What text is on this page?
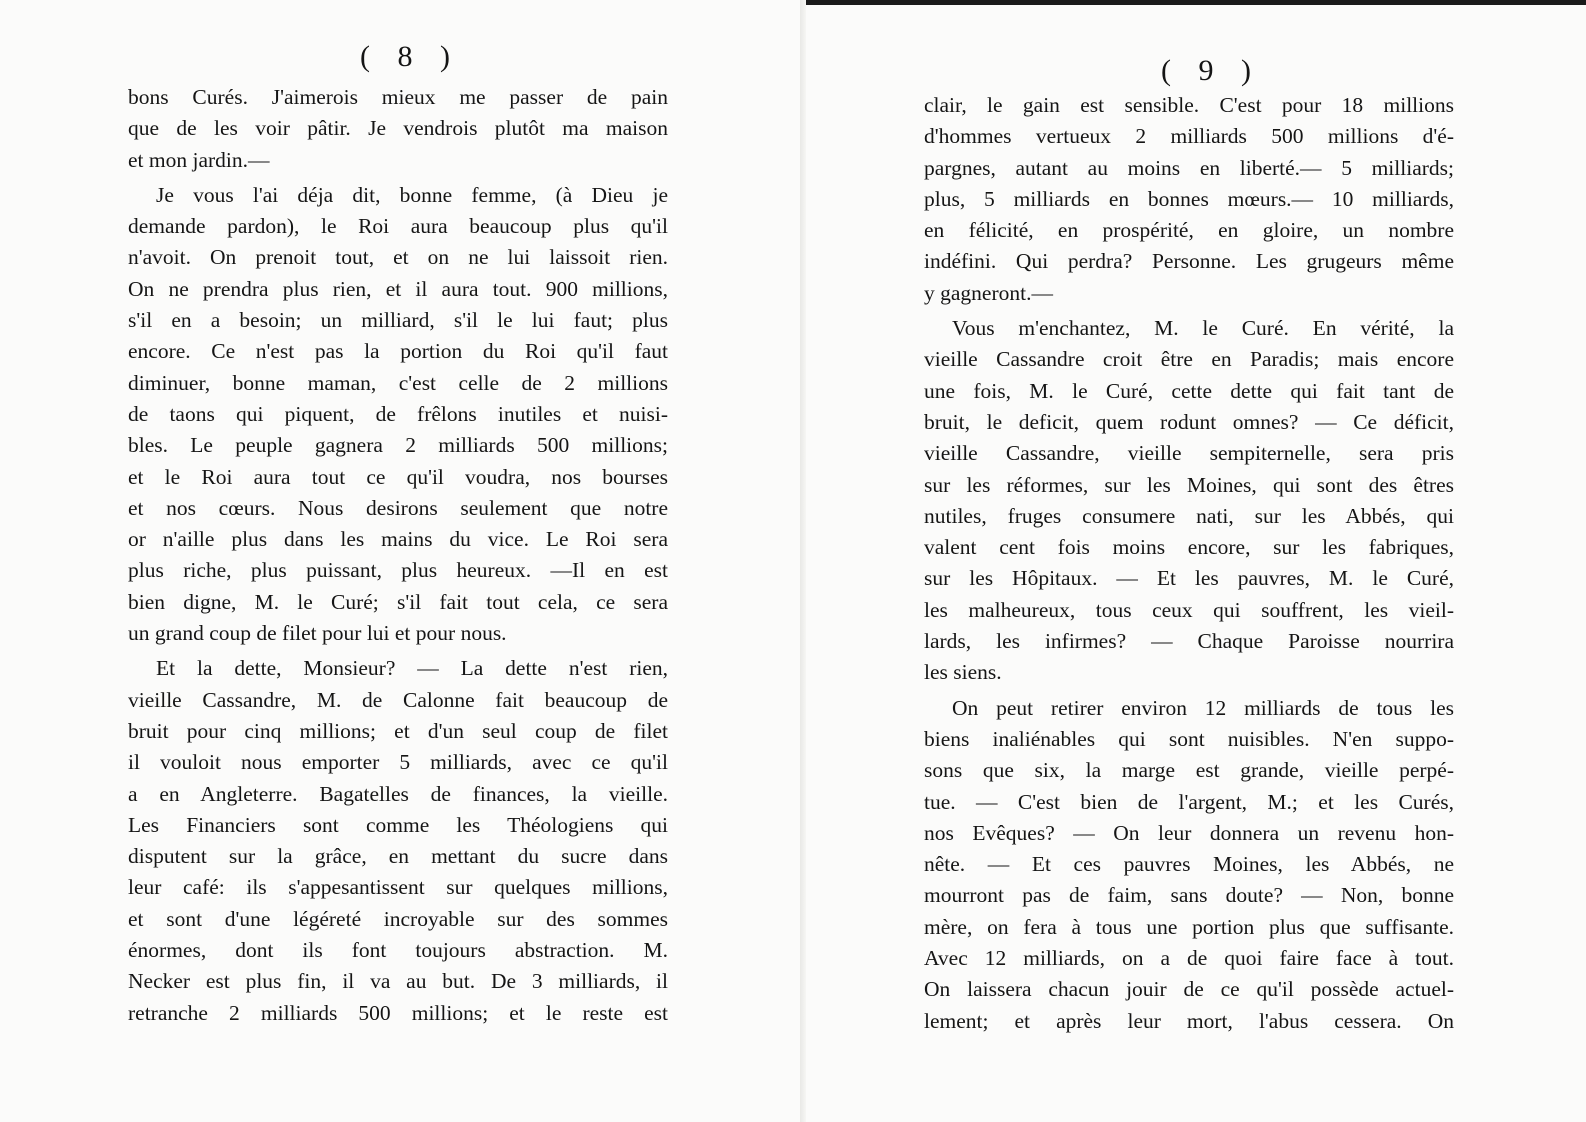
( 8 )
bons Curés. J'aimerois mieux me passer de pain
que de les voir pâtir. Je vendrois plutôt ma maison
et mon jardin.—
Je vous l'ai déja dit, bonne femme, (à Dieu je
demande pardon), le Roi aura beaucoup plus qu'il
n'avoit. On prenoit tout, et on ne lui laissoit rien.
On ne prendra plus rien, et il aura tout. 900 millions,
s'il en a besoin; un milliard, s'il le lui faut; plus
encore. Ce n'est pas la portion du Roi qu'il faut
diminuer, bonne maman, c'est celle de 2 millions
de taons qui piquent, de frêlons inutiles et nuisi-
bles. Le peuple gagnera 2 milliards 500 millions;
et le Roi aura tout ce qu'il voudra, nos bourses
et nos cœurs. Nous desirons seulement que notre
or n'aille plus dans les mains du vice. Le Roi sera
plus riche, plus puissant, plus heureux. —Il en est
bien digne, M. le Curé; s'il fait tout cela, ce sera
un grand coup de filet pour lui et pour nous.
Et la dette, Monsieur? — La dette n'est rien,
vieille Cassandre, M. de Calonne fait beaucoup de
bruit pour cinq millions; et d'un seul coup de filet
il vouloit nous emporter 5 milliards, avec ce qu'il
a en Angleterre. Bagatelles de finances, la vieille.
Les Financiers sont comme les Théologiens qui
disputent sur la grâce, en mettant du sucre dans
leur café: ils s'appesantissent sur quelques millions,
et sont d'une légéreté incroyable sur des sommes
énormes, dont ils font toujours abstraction. M.
Necker est plus fin, il va au but. De 3 milliards, il
retranche 2 milliards 500 millions; et le reste est
( 9 )
clair, le gain est sensible. C'est pour 18 millions
d'hommes vertueux 2 milliards 500 millions d'é-
pargnes, autant au moins en liberté.— 5 milliards;
plus, 5 milliards en bonnes mœurs.— 10 milliards,
en félicité, en prospérité, en gloire, un nombre
indéfini. Qui perdra? Personne. Les grugeurs même
y gagneront.—
Vous m'enchantez, M. le Curé. En vérité, la
vieille Cassandre croit être en Paradis; mais encore
une fois, M. le Curé, cette dette qui fait tant de
bruit, le deficit, quem rodunt omnes? — Ce déficit,
vieille Cassandre, vieille sempiternelle, sera pris
sur les réformes, sur les Moines, qui sont des êtres
nutiles, fruges consumere nati, sur les Abbés, qui
valent cent fois moins encore, sur les fabriques,
sur les Hôpitaux. — Et les pauvres, M. le Curé,
les malheureux, tous ceux qui souffrent, les vieil-
lards, les infirmes? — Chaque Paroisse nourrira
les siens.
On peut retirer environ 12 milliards de tous les
biens inaliénables qui sont nuisibles. N'en suppo-
sons que six, la marge est grande, vieille perpé-
tue. — C'est bien de l'argent, M.; et les Curés,
nos Evêques? — On leur donnera un revenu hon-
nête. — Et ces pauvres Moines, les Abbés, ne
mourront pas de faim, sans doute? — Non, bonne
mère, on fera à tous une portion plus que suffisante.
Avec 12 milliards, on a de quoi faire face à tout.
On laissera chacun jouir de ce qu'il possède actuel-
lement; et après leur mort, l'abus cessera. On
